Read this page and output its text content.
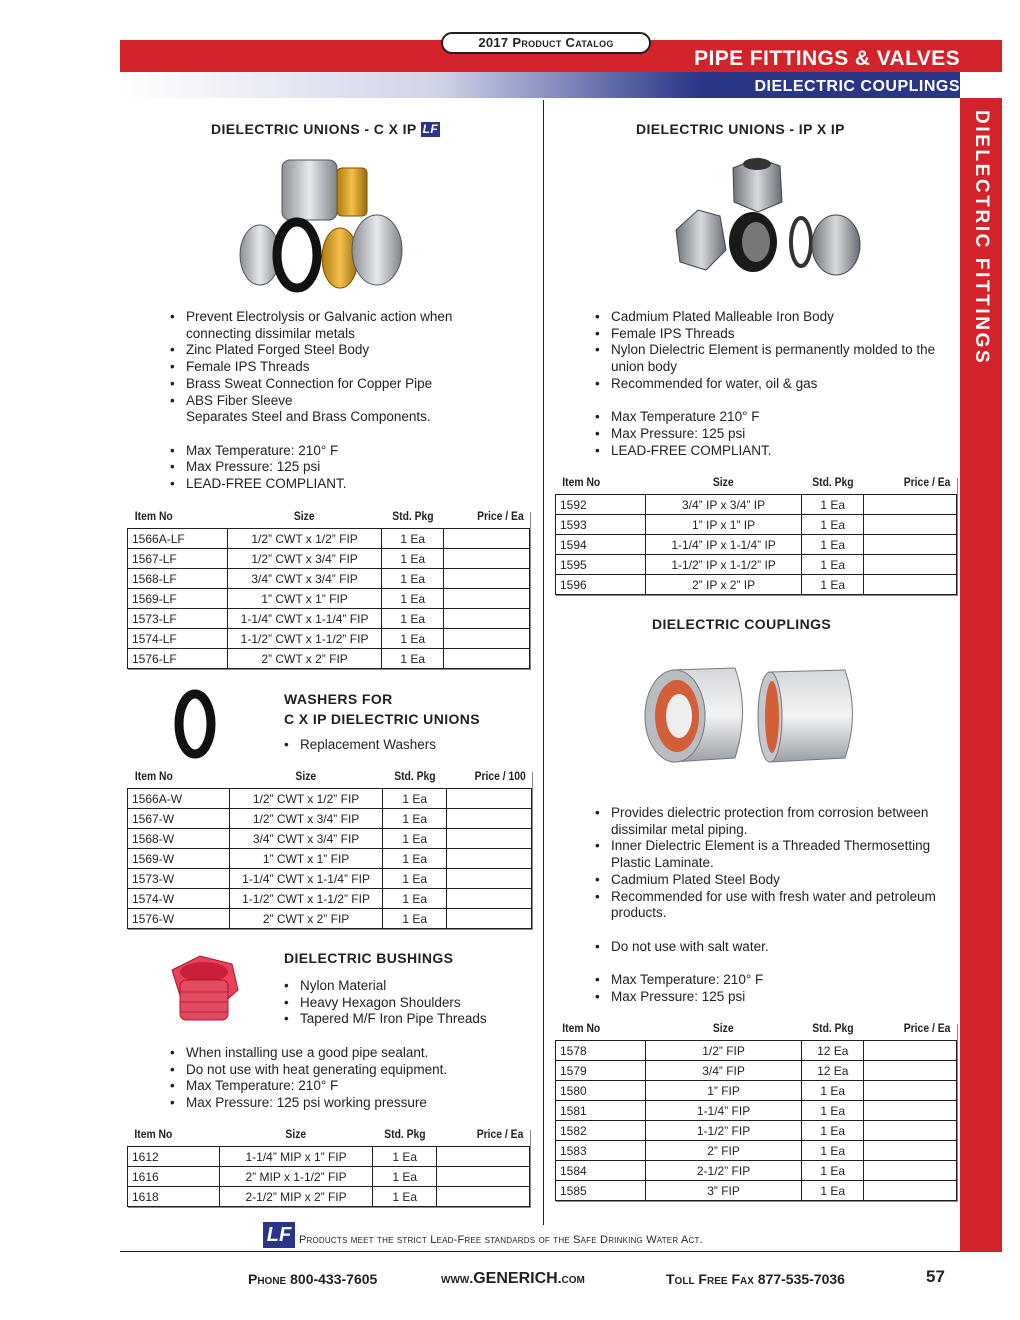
2017 Product Catalog
PIPE FITTINGS & VALVES
DIELECTRIC COUPLINGS
DIELECTRIC FITTINGS
DIELECTRIC UNIONS - C X IP LF
• Prevent Electrolysis or Galvanic action when connecting dissimilar metals
• Zinc Plated Forged Steel Body
• Female IPS Threads
• Brass Sweat Connection for Copper Pipe
• ABS Fiber Sleeve
Separates Steel and Brass Components.
• Max Temperature: 210° F
• Max Pressure: 125 psi
• LEAD-FREE COMPLIANT.
Item No	Size	Std. Pkg	Price / Ea
1566A-LF	1/2” CWT x 1/2” FIP	1 Ea	
1567-LF	1/2” CWT x 3/4” FIP	1 Ea	
1568-LF	3/4” CWT x 3/4” FIP	1 Ea	
1569-LF	1” CWT x 1” FIP	1 Ea	
1573-LF	1-1/4” CWT x 1-1/4” FIP	1 Ea	
1574-LF	1-1/2” CWT x 1-1/2” FIP	1 Ea	
1576-LF	2” CWT x 2” FIP	1 Ea	
WASHERS FOR
C X IP DIELECTRIC UNIONS
• Replacement Washers
Item No	Size	Std. Pkg	Price / 100
1566A-W	1/2” CWT x 1/2” FIP	1 Ea	
1567-W	1/2” CWT x 3/4” FIP	1 Ea	
1568-W	3/4” CWT x 3/4” FIP	1 Ea	
1569-W	1” CWT x 1” FIP	1 Ea	
1573-W	1-1/4” CWT x 1-1/4” FIP	1 Ea	
1574-W	1-1/2” CWT x 1-1/2” FIP	1 Ea	
1576-W	2” CWT x 2” FIP	1 Ea	
DIELECTRIC BUSHINGS
• Nylon Material
• Heavy Hexagon Shoulders
• Tapered M/F Iron Pipe Threads
• When installing use a good pipe sealant.
• Do not use with heat generating equipment.
• Max Temperature: 210° F
• Max Pressure: 125 psi working pressure
Item No	Size	Std. Pkg	Price / Ea
1612	1-1/4” MIP x 1” FIP	1 Ea	
1616	2” MIP x 1-1/2” FIP	1 Ea	
1618	2-1/2” MIP x 2” FIP	1 Ea	
DIELECTRIC UNIONS - IP X IP
• Cadmium Plated Malleable Iron Body
• Female IPS Threads
• Nylon Dielectric Element is permanently molded to the union body
• Recommended for water, oil & gas
• Max Temperature 210° F
• Max Pressure: 125 psi
• LEAD-FREE COMPLIANT.
Item No	Size	Std. Pkg	Price / Ea
1592	3/4” IP x 3/4” IP	1 Ea	
1593	1” IP x 1” IP	1 Ea	
1594	1-1/4” IP x 1-1/4” IP	1 Ea	
1595	1-1/2” IP x 1-1/2” IP	1 Ea	
1596	2” IP x 2” IP	1 Ea	
DIELECTRIC COUPLINGS
• Provides dielectric protection from corrosion between dissimilar metal piping.
• Inner Dielectric Element is a Threaded Thermosetting Plastic Laminate.
• Cadmium Plated Steel Body
• Recommended for use with fresh water and petroleum products.
• Do not use with salt water.
• Max Temperature: 210° F
• Max Pressure: 125 psi
Item No	Size	Std. Pkg	Price / Ea
1578	1/2” FIP	12 Ea	
1579	3/4” FIP	12 Ea	
1580	1” FIP	1 Ea	
1581	1-1/4” FIP	1 Ea	
1582	1-1/2” FIP	1 Ea	
1583	2” FIP	1 Ea	
1584	2-1/2” FIP	1 Ea	
1585	3” FIP	1 Ea	
LF Products meet the strict Lead-Free standards of the Safe Drinking Water Act.
Phone 800-433-7605	www.GENERICH.com	Toll Free Fax 877-535-7036	57
